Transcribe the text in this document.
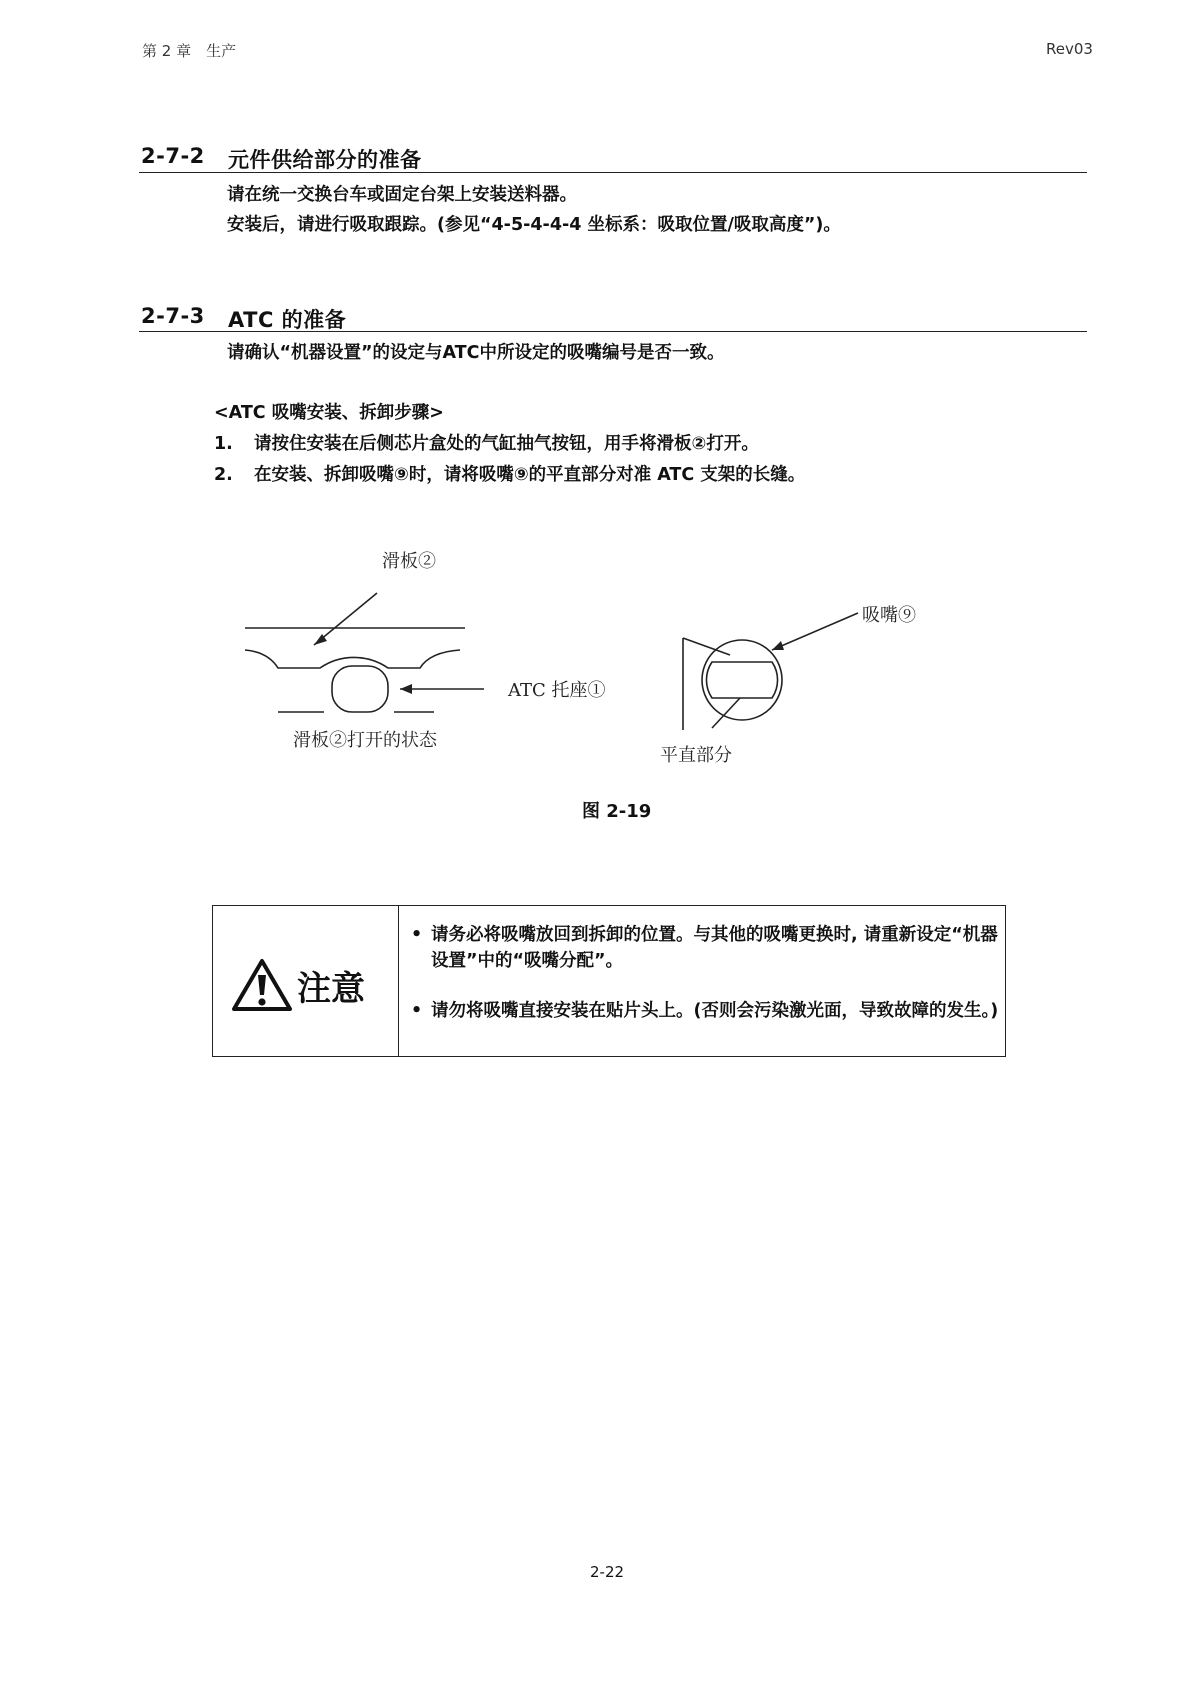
第 2 章　生产	Rev03
2-7-2 元件供给部分的准备
请在统一交换台车或固定台架上安装送料器。
安装后，请进行吸取跟踪。(参见“4-5-4-4-4 坐标系：吸取位置/吸取高度”)。
2-7-3 ATC 的准备
请确认“机器设置”的设定与ATC中所设定的吸嘴编号是否一致。
<ATC 吸嘴安装、拆卸步骤>
1. 请按住安装在后侧芯片盒处的气缸抽气按钮，用手将滑板②打开。
2. 在安装、拆卸吸嘴⑨时，请将吸嘴⑨的平直部分对准 ATC 支架的长缝。
滑板②
ATC 托座①
滑板②打开的状态
吸嘴⑨
平直部分
图 2-19
注意
• 请务必将吸嘴放回到拆卸的位置。与其他的吸嘴更换时, 请重新设定“机器设置”中的“吸嘴分配”。
• 请勿将吸嘴直接安装在贴片头上。(否则会污染激光面，导致故障的发生。)
2-22
